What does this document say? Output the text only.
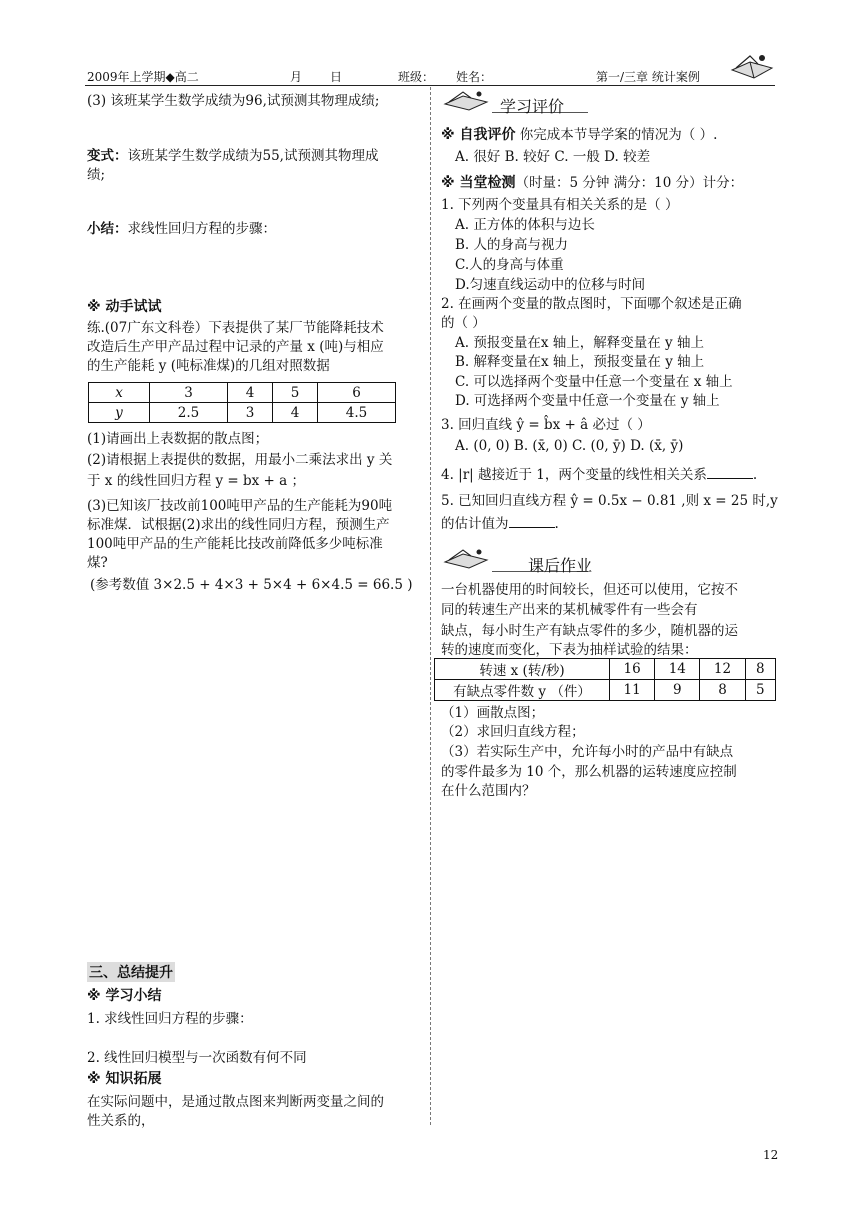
2009年上学期◆高二	月 日	班级： 姓名：	第一/三章 统计案例
(3) 该班某学生数学成绩为96,试预测其物理成绩;
变式：该班某学生数学成绩为55,试预测其物理成
绩;
小结：求线性回归方程的步骤：
※ 动手试试
练.(07广东文科卷）下表提供了某厂节能降耗技术
改造后生产甲产品过程中记录的产量 x (吨)与相应
的生产能耗 y (吨标准煤)的几组对照数据
x	3	4	5	6
y	2.5	3	4	4.5
(1)请画出上表数据的散点图；
(2)请根据上表提供的数据，用最小二乘法求出 y 关
于 x 的线性回归方程 y = bx + a ；
(3)已知该厂技改前100吨甲产品的生产能耗为90吨
标准煤．试根据(2)求出的线性同归方程，预测生产
100吨甲产品的生产能耗比技改前降低多少吨标准
煤?
(参考数值 3×2.5 + 4×3 + 5×4 + 6×4.5 = 66.5 )
三、总结提升
※ 学习小结
1. 求线性回归方程的步骤：
2. 线性回归模型与一次函数有何不同
※ 知识拓展
在实际问题中，是通过散点图来判断两变量之间的
性关系的，
学习评价
※ 自我评价 你完成本节导学案的情况为（ ）.
A. 很好 B. 较好 C. 一般 D. 较差
※ 当堂检测（时量：5 分钟 满分：10 分）计分：
1. 下列两个变量具有相关关系的是（ ）
A. 正方体的体积与边长
B. 人的身高与视力
C.人的身高与体重
D.匀速直线运动中的位移与时间
2. 在画两个变量的散点图时，下面哪个叙述是正确
的（ ）
A. 预报变量在x 轴上，解释变量在 y 轴上
B. 解释变量在x 轴上，预报变量在 y 轴上
C. 可以选择两个变量中任意一个变量在 x 轴上
D. 可选择两个变量中任意一个变量在 y 轴上
3. 回归直线 ŷ = b̂x + â 必过（ ）
A. (0, 0) B. (x̄, 0) C. (0, ȳ) D. (x̄, ȳ)
4. |r| 越接近于 1，两个变量的线性相关关系	.
5. 已知回归直线方程 ŷ = 0.5x − 0.81 ,则 x = 25 时,y
的估计值为	.
课后作业
一台机器使用的时间较长，但还可以使用，它按不
同的转速生产出来的某机械零件有一些会有
缺点，每小时生产有缺点零件的多少，随机器的运
转的速度而变化，下表为抽样试验的结果：
转速 x (转/秒)	16	14	12	8
有缺点零件数 y （件）	11	9	8	5
（1）画散点图；
（2）求回归直线方程；
（3）若实际生产中，允许每小时的产品中有缺点
的零件最多为 10 个，那么机器的运转速度应控制
在什么范围内？
12
